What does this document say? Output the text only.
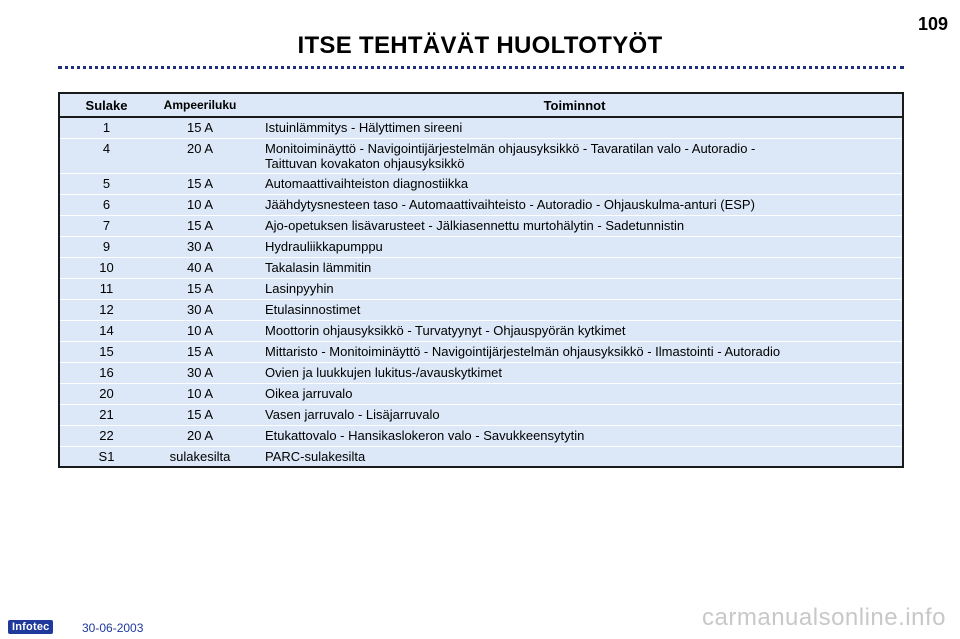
109
ITSE TEHTÄVÄT HUOLTOTYÖT
Sulake	Ampeeriluku	Toiminnot
1	15 A	Istuinlämmitys - Hälyttimen sireeni

4	20 A	Monitoiminäyttö - Navigointijärjestelmän ohjausyksikkö - Tavaratilan valo - Autoradio -
Taittuvan kovakaton ohjausyksikkö

5	15 A	Automaattivaihteiston diagnostiikka

6	10 A	Jäähdytysnesteen taso - Automaattivaihteisto - Autoradio - Ohjauskulma-anturi (ESP)

7	15 A	Ajo-opetuksen lisävarusteet - Jälkiasennettu murtohälytin - Sadetunnistin

9	30 A	Hydrauliikkapumppu

10	40 A	Takalasin lämmitin

11	15 A	Lasinpyyhin

12	30 A	Etulasinnostimet

14	10 A	Moottorin ohjausyksikkö - Turvatyynyt - Ohjauspyörän kytkimet

15	15 A	Mittaristo - Monitoiminäyttö - Navigointijärjestelmän ohjausyksikkö - Ilmastointi - Autoradio

16	30 A	Ovien ja luukkujen lukitus-/avauskytkimet

20	10 A	Oikea jarruvalo

21	15 A	Vasen jarruvalo - Lisäjarruvalo

22	20 A	Etukattovalo - Hansikaslokeron valo - Savukkeensytytin

S1	sulakesilta	PARC-sulakesilta
Infotec	30-06-2003	carmanualsonline.info
